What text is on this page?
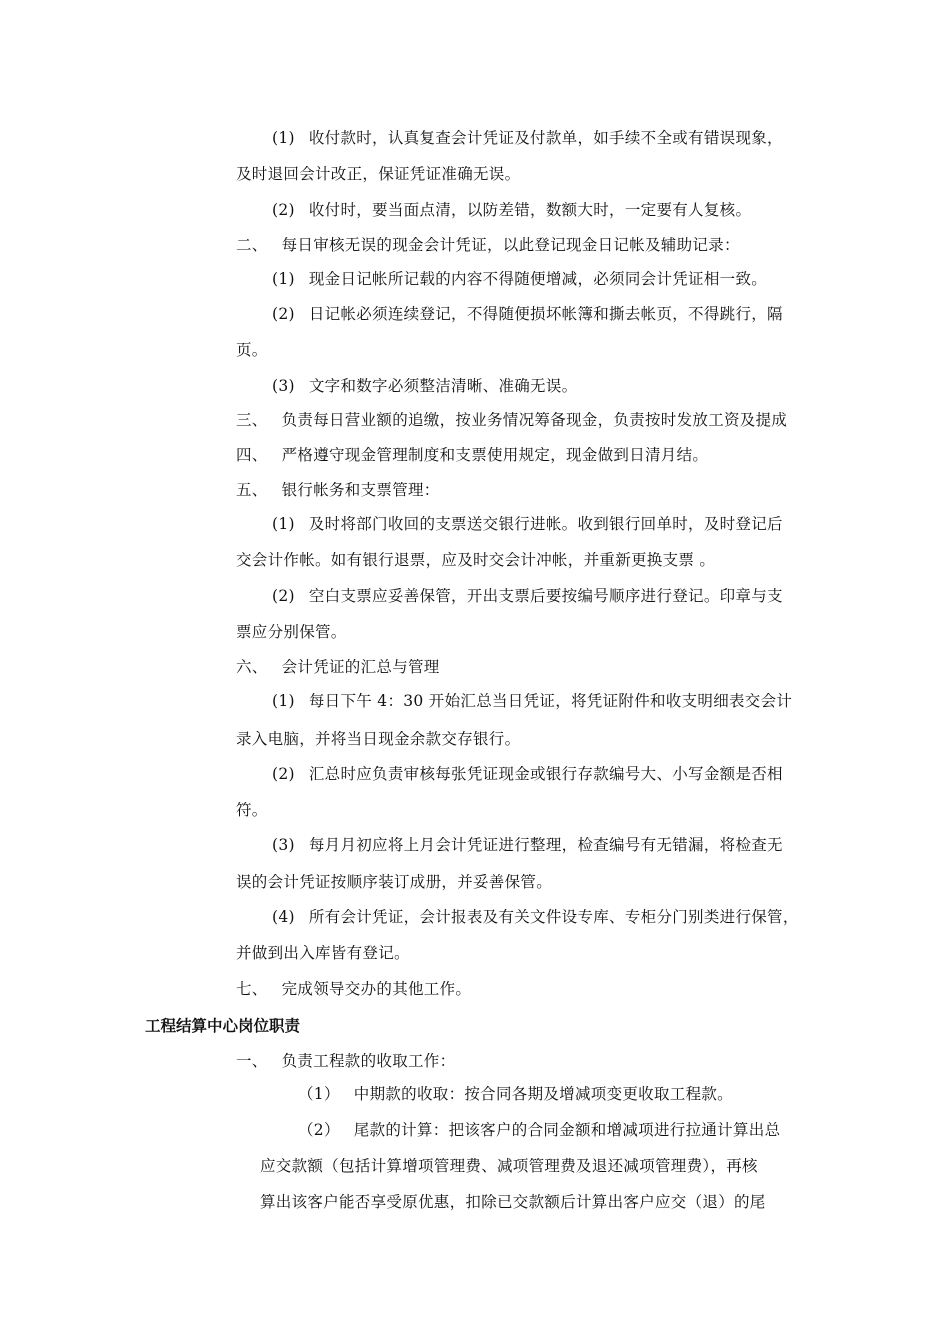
(1) 收付款时，认真复查会计凭证及付款单，如手续不全或有错误现象，
及时退回会计改正，保证凭证准确无误。
(2) 收付时，要当面点清，以防差错，数额大时，一定要有人复核。
二、 每日审核无误的现金会计凭证，以此登记现金日记帐及辅助记录：
(1) 现金日记帐所记载的内容不得随便增减，必须同会计凭证相一致。
(2) 日记帐必须连续登记，不得随便损坏帐簿和撕去帐页，不得跳行，隔
页。
(3) 文字和数字必须整洁清晰、准确无误。
三、 负责每日营业额的追缴，按业务情况筹备现金，负责按时发放工资及提成
四、 严格遵守现金管理制度和支票使用规定，现金做到日清月结。
五、 银行帐务和支票管理：
(1) 及时将部门收回的支票送交银行进帐。收到银行回单时，及时登记后
交会计作帐。如有银行退票，应及时交会计冲帐，并重新更换支票 。
(2) 空白支票应妥善保管，开出支票后要按编号顺序进行登记。印章与支
票应分别保管。
六、 会计凭证的汇总与管理
(1) 每日下午 4：30 开始汇总当日凭证，将凭证附件和收支明细表交会计
录入电脑，并将当日现金余款交存银行。
(2) 汇总时应负责审核每张凭证现金或银行存款编号大、小写金额是否相
符。
(3) 每月月初应将上月会计凭证进行整理，检查编号有无错漏，将检查无
误的会计凭证按顺序装订成册，并妥善保管。
(4) 所有会计凭证，会计报表及有关文件设专库、专柜分门别类进行保管，
并做到出入库皆有登记。
七、 完成领导交办的其他工作。
工程结算中心岗位职责
一、 负责工程款的收取工作：
（1） 中期款的收取：按合同各期及增减项变更收取工程款。
（2） 尾款的计算：把该客户的合同金额和增减项进行拉通计算出总
应交款额（包括计算增项管理费、减项管理费及退还减项管理费），再核
算出该客户能否享受原优惠，扣除已交款额后计算出客户应交（退）的尾
